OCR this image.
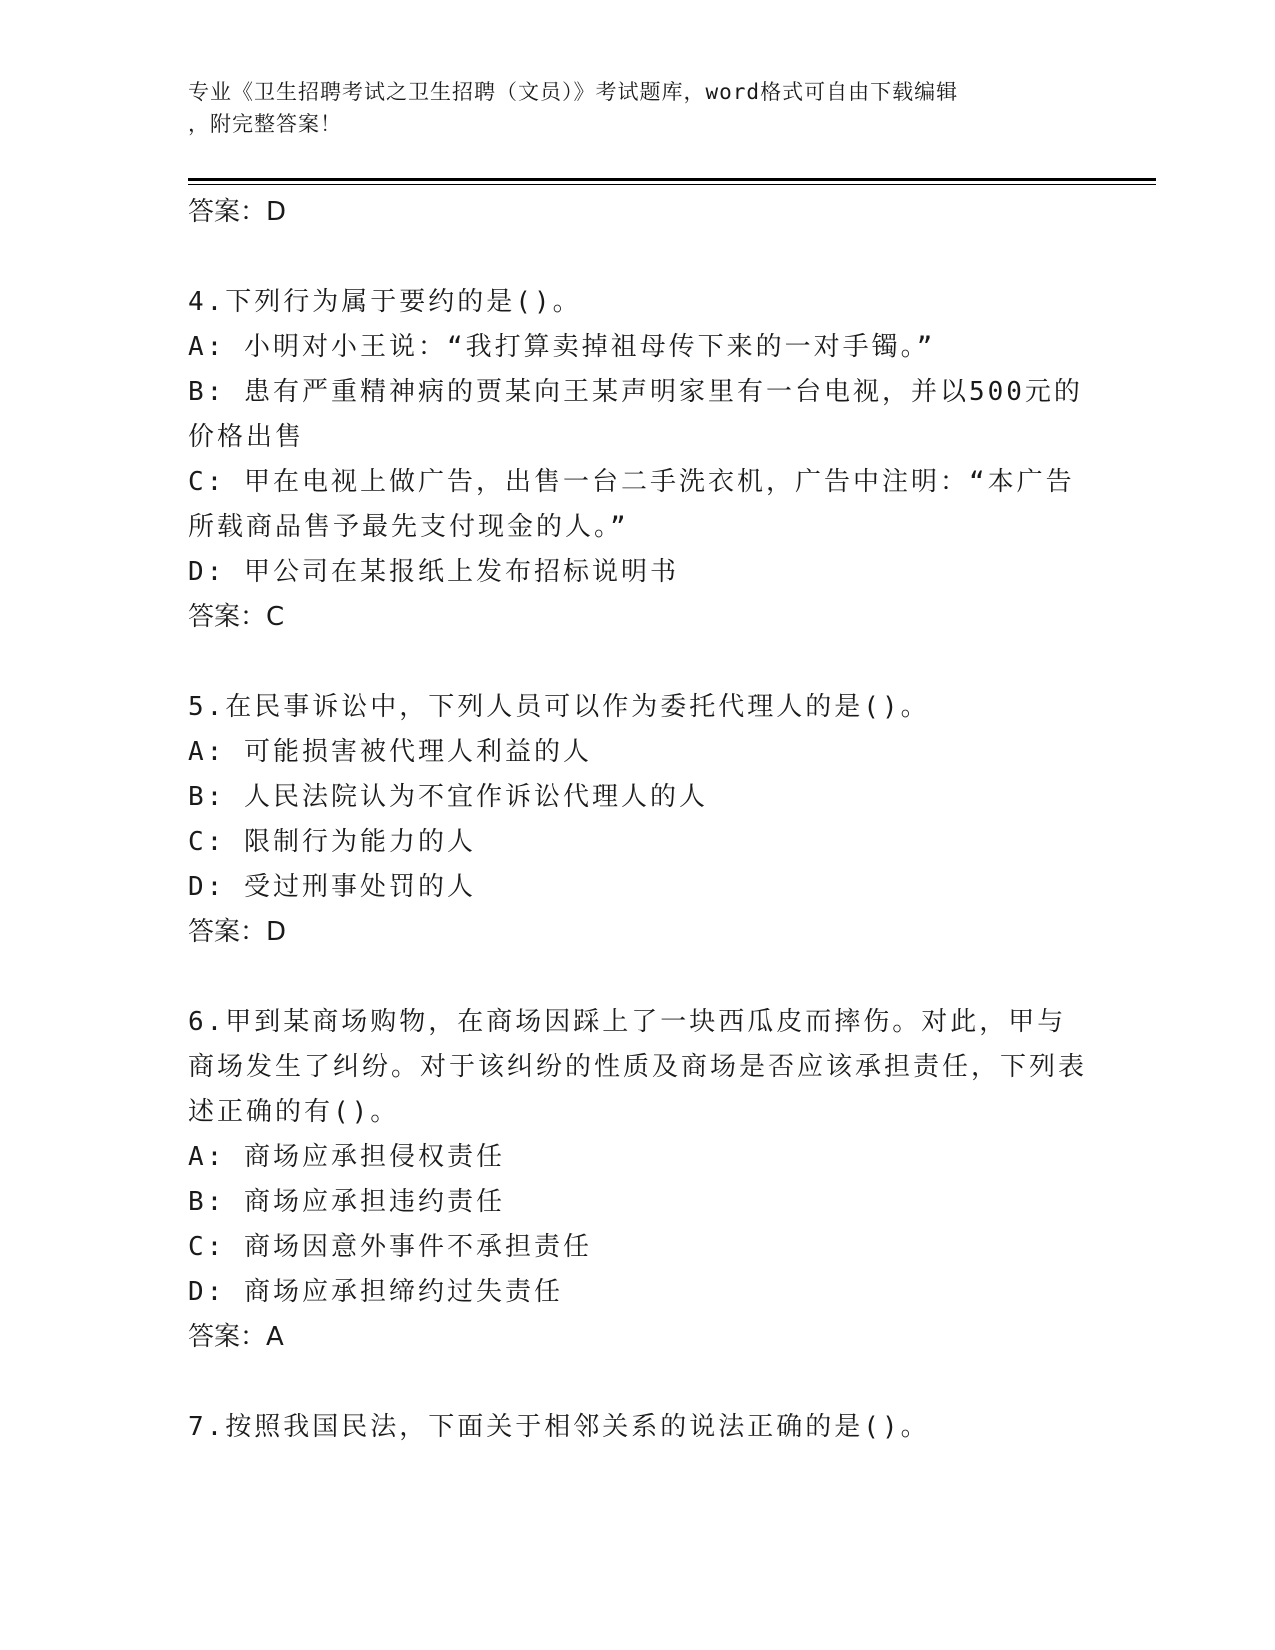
专业《卫生招聘考试之卫生招聘（文员）》考试题库，word格式可自由下载编辑
，附完整答案！

答案：D

4.下列行为属于要约的是()。

A: 小明对小王说：“我打算卖掉祖母传下来的一对手镯。”

B: 患有严重精神病的贾某向王某声明家里有一台电视，并以500元的价格出售

C: 甲在电视上做广告，出售一台二手洗衣机，广告中注明：“本广告所载商品售予最先支付现金的人。”

D: 甲公司在某报纸上发布招标说明书

答案：C

5.在民事诉讼中，下列人员可以作为委托代理人的是()。

A: 可能损害被代理人利益的人

B: 人民法院认为不宜作诉讼代理人的人

C: 限制行为能力的人

D: 受过刑事处罚的人

答案：D

6.甲到某商场购物，在商场因踩上了一块西瓜皮而摔伤。对此，甲与商场发生了纠纷。对于该纠纷的性质及商场是否应该承担责任，下列表述正确的有()。

A: 商场应承担侵权责任

B: 商场应承担违约责任

C: 商场因意外事件不承担责任

D: 商场应承担缔约过失责任

答案：A

7.按照我国民法，下面关于相邻关系的说法正确的是()。
